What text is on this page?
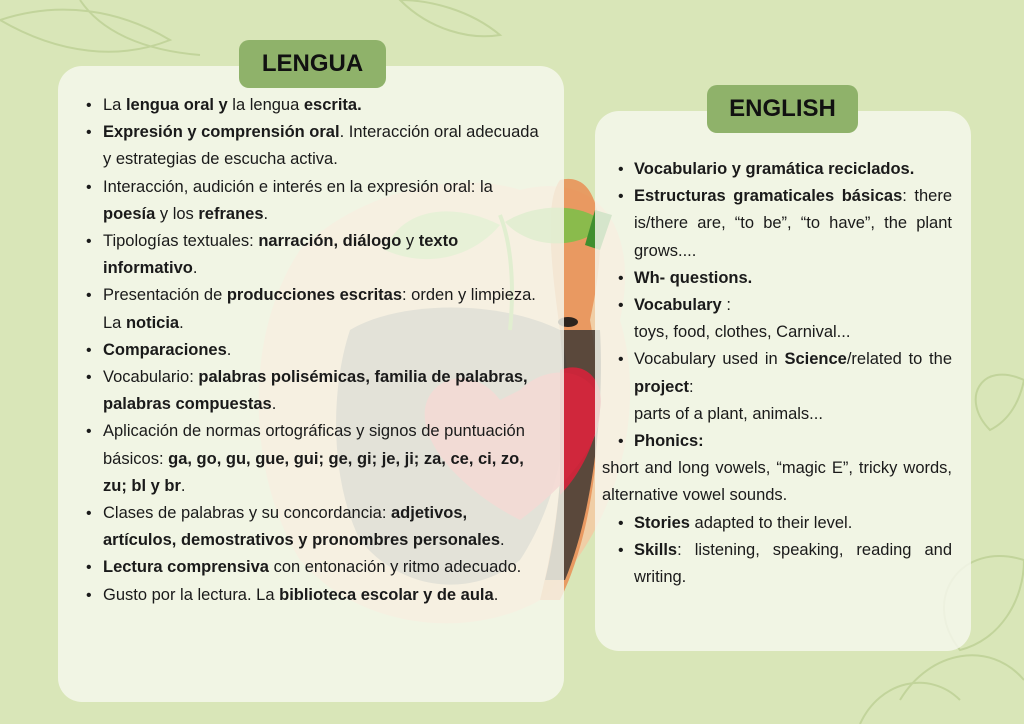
LENGUA
ENGLISH
• La lengua oral y la lengua escrita.
• Expresión y comprensión oral. Interacción oral adecuada y estrategias de escucha activa.
• Interacción, audición e interés en la expresión oral: la poesía y los refranes.
• Tipologías textuales: narración, diálogo y texto informativo.
• Presentación de producciones escritas: orden y limpieza. La noticia.
• Comparaciones.
• Vocabulario: palabras polisémicas, familia de palabras, palabras compuestas.
• Aplicación de normas ortográficas y signos de puntuación básicos: ga, go, gu, gue, gui; ge, gi; je, ji; za, ce, ci, zo, zu; bl y br.
• Clases de palabras y su concordancia: adjetivos, artículos, demostrativos y pronombres personales.
• Lectura comprensiva con entonación y ritmo adecuado.
• Gusto por la lectura. La biblioteca escolar y de aula.
• Vocabulario y gramática reciclados.
• Estructuras gramaticales básicas: there is/there are, “to be”, “to have”, the plant grows....
• Wh- questions.
• Vocabulary :
toys, food, clothes, Carnival...
• Vocabulary used in Science/related to the project:
parts of a plant, animals...
• Phonics:
short and long vowels, “magic E”, tricky words, alternative vowel sounds.
• Stories adapted to their level.
• Skills: listening, speaking, reading and writing.
